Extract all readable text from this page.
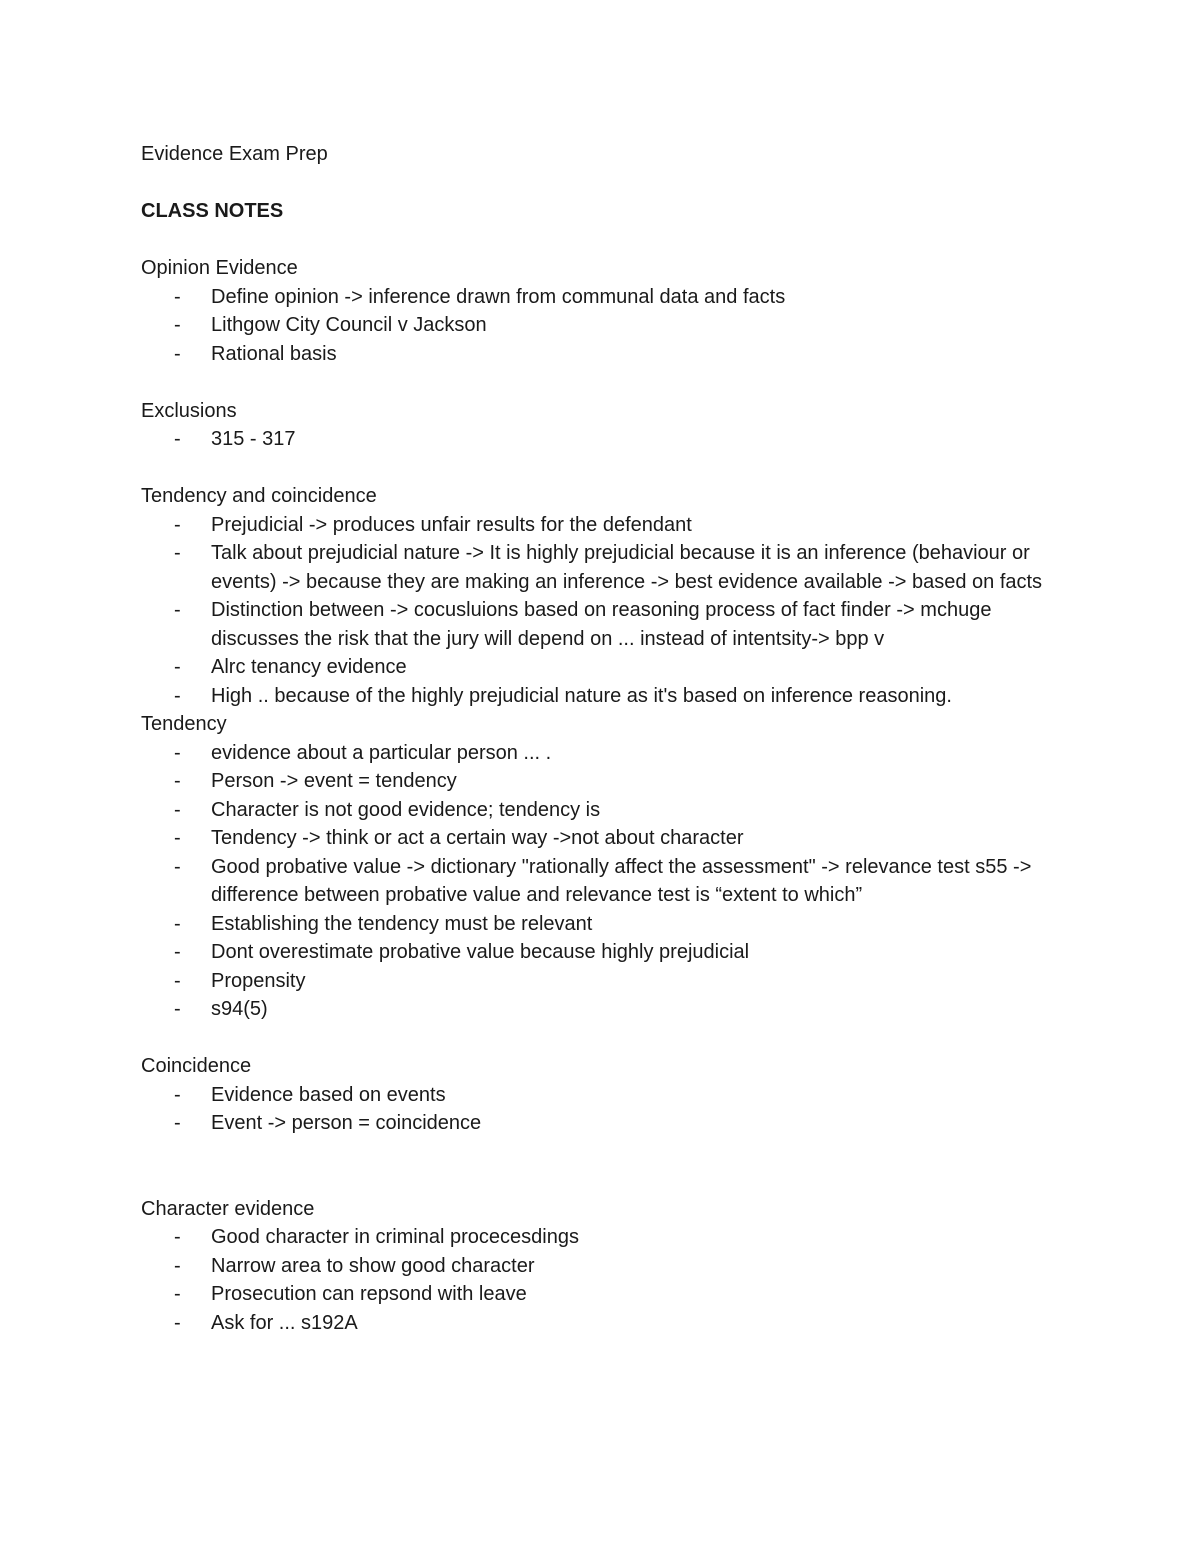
Evidence Exam Prep
CLASS NOTES
Opinion Evidence
- Define opinion -> inference drawn from communal data and facts
- Lithgow City Council v Jackson
- Rational basis
Exclusions
- 315 - 317
Tendency and coincidence
- Prejudicial -> produces unfair results for the defendant
- Talk about prejudicial nature -> It is highly prejudicial because it is an inference (behaviour or events) -> because they are making an inference -> best evidence available -> based on facts
- Distinction between -> cocusluions based on reasoning process of fact finder -> mchuge discusses the risk that the jury will depend on ... instead of intentsity-> bpp v
- Alrc tenancy evidence
- High .. because of the highly prejudicial nature as it's based on inference reasoning.
Tendency
- evidence about a particular person ... .
- Person -> event = tendency
- Character is not good evidence; tendency is
- Tendency -> think or act a certain way ->not about character
- Good probative value -> dictionary "rationally affect the assessment" -> relevance test s55 -> difference between probative value and relevance test is “extent to which”
- Establishing the tendency must be relevant
- Dont overestimate probative value because highly prejudicial
- Propensity
- s94(5)
Coincidence
- Evidence based on events
- Event -> person = coincidence
Character evidence
- Good character in criminal procecesdings
- Narrow area to show good character
- Prosecution can repsond with leave
- Ask for ... s192A
